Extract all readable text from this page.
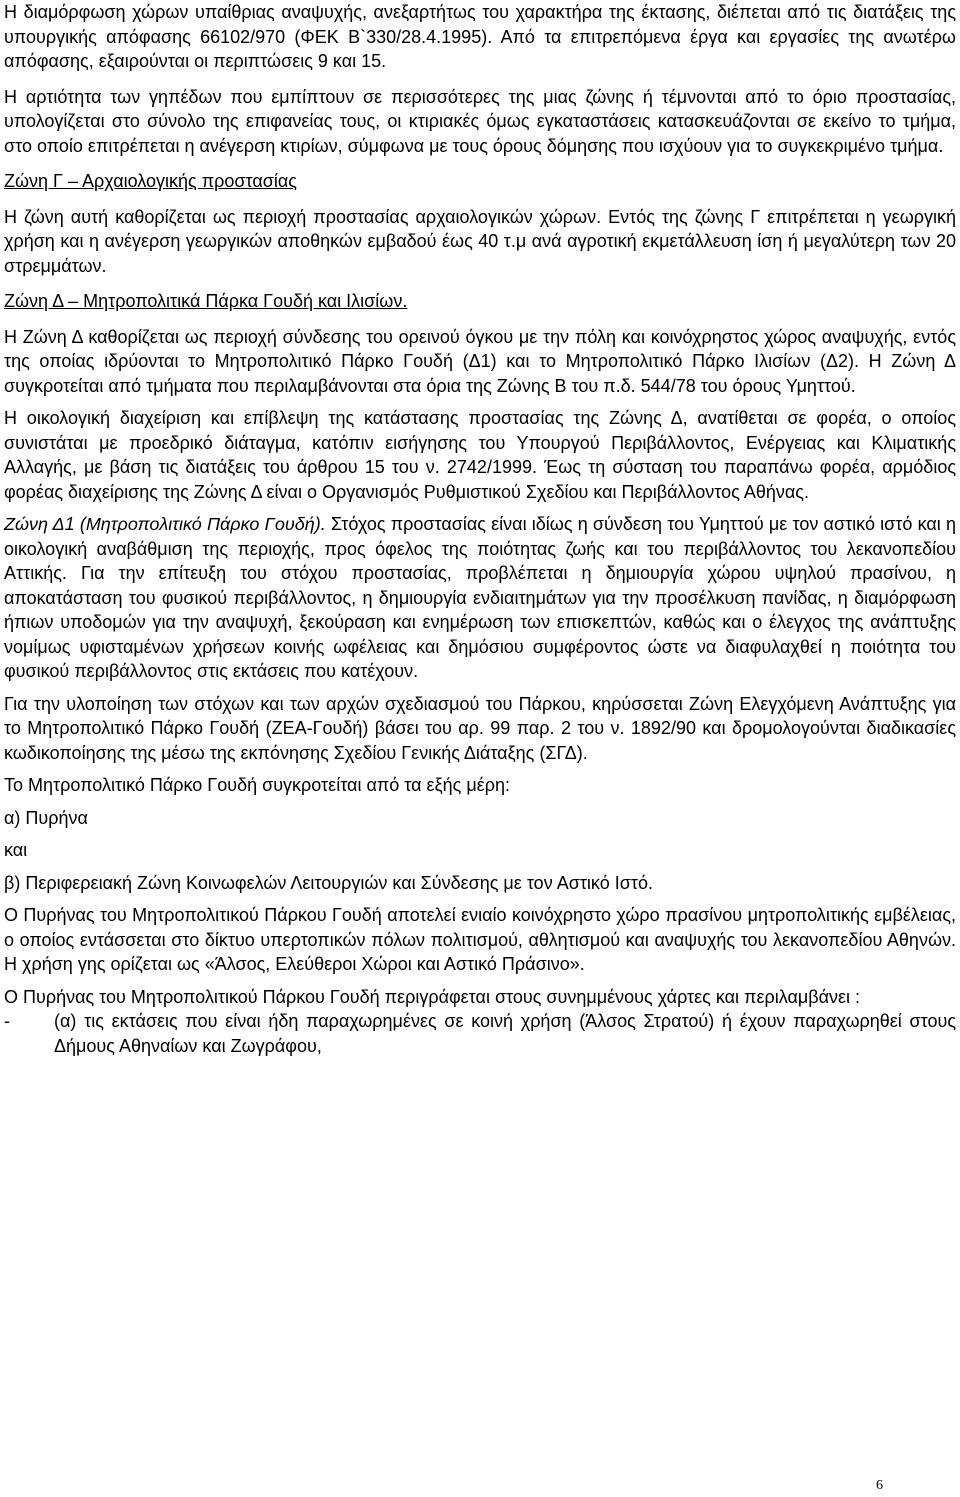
Η διαμόρφωση χώρων υπαίθριας αναψυχής, ανεξαρτήτως του χαρακτήρα της έκτασης, διέπεται από τις διατάξεις της υπουργικής απόφασης 66102/970 (ΦΕΚ Β`330/28.4.1995). Από τα επιτρεπόμενα έργα και εργασίες της ανωτέρω απόφασης, εξαιρούνται οι περιπτώσεις 9 και 15.

Η αρτιότητα των γηπέδων που εμπίπτουν σε περισσότερες της μιας ζώνης ή τέμνονται από το όριο προστασίας, υπολογίζεται στο σύνολο της επιφανείας τους, οι κτιριακές όμως εγκαταστάσεις κατασκευάζονται σε εκείνο το τμήμα, στο οποίο επιτρέπεται η ανέγερση κτιρίων, σύμφωνα με τους όρους δόμησης που ισχύουν για το συγκεκριμένο τμήμα.

Ζώνη Γ – Αρχαιολογικής προστασίας

Η ζώνη αυτή καθορίζεται ως περιοχή προστασίας αρχαιολογικών χώρων. Εντός της ζώνης Γ επιτρέπεται η γεωργική χρήση και η ανέγερση γεωργικών αποθηκών εμβαδού έως 40 τ.μ ανά αγροτική εκμετάλλευση ίση ή μεγαλύτερη των 20 στρεμμάτων.

Ζώνη Δ – Μητροπολιτικά Πάρκα Γουδή και Ιλισίων.

Η Ζώνη Δ καθορίζεται ως περιοχή σύνδεσης του ορεινού όγκου με την πόλη και κοινόχρηστος χώρος αναψυχής, εντός της οποίας ιδρύονται το Μητροπολιτικό Πάρκο Γουδή (Δ1) και το Μητροπολιτικό Πάρκο Ιλισίων (Δ2). Η Ζώνη Δ συγκροτείται από τμήματα που περιλαμβάνονται στα όρια της Ζώνης Β του π.δ. 544/78 του όρους Υμηττού.

Η οικολογική διαχείριση και επίβλεψη της κατάστασης προστασίας της Ζώνης Δ, ανατίθεται σε φορέα, ο οποίος συνιστάται με προεδρικό διάταγμα, κατόπιν εισήγησης του Υπουργού Περιβάλλοντος, Ενέργειας και Κλιματικής Αλλαγής, με βάση τις διατάξεις του άρθρου 15 του ν. 2742/1999. Έως τη σύσταση του παραπάνω φορέα, αρμόδιος φορέας διαχείρισης της Ζώνης Δ είναι ο Οργανισμός Ρυθμιστικού Σχεδίου και Περιβάλλοντος Αθήνας.

Ζώνη Δ1 (Μητροπολιτικό Πάρκο Γουδή). Στόχος προστασίας είναι ιδίως η σύνδεση του Υμηττού με τον αστικό ιστό και η οικολογική αναβάθμιση της περιοχής, προς όφελος της ποιότητας ζωής και του περιβάλλοντος του λεκανοπεδίου Αττικής. Για την επίτευξη του στόχου προστασίας, προβλέπεται η δημιουργία χώρου υψηλού πρασίνου, η αποκατάσταση του φυσικού περιβάλλοντος, η δημιουργία ενδιαιτημάτων για την προσέλκυση πανίδας, η διαμόρφωση ήπιων υποδομών για την αναψυχή, ξεκούραση και ενημέρωση των επισκεπτών, καθώς και ο έλεγχος της ανάπτυξης νομίμως υφισταμένων χρήσεων κοινής ωφέλειας και δημόσιου συμφέροντος ώστε να διαφυλαχθεί η ποιότητα του φυσικού περιβάλλοντος στις εκτάσεις που κατέχουν.

Για την υλοποίηση των στόχων και των αρχών σχεδιασμού του Πάρκου, κηρύσσεται Ζώνη Ελεγχόμενη Ανάπτυξης για το Μητροπολιτικό Πάρκο Γουδή (ΖΕΑ-Γουδή) βάσει του αρ. 99 παρ. 2 του ν. 1892/90 και δρομολογούνται διαδικασίες κωδικοποίησης της μέσω της εκπόνησης Σχεδίου Γενικής Διάταξης (ΣΓΔ).

Το Μητροπολιτικό Πάρκο Γουδή συγκροτείται από τα εξής μέρη:

α) Πυρήνα

και

β) Περιφερειακή Ζώνη Κοινωφελών Λειτουργιών και Σύνδεσης με τον Αστικό Ιστό.

Ο Πυρήνας του Μητροπολιτικού Πάρκου Γουδή αποτελεί ενιαίο κοινόχρηστο χώρο πρασίνου μητροπολιτικής εμβέλειας, ο οποίος εντάσσεται στο δίκτυο υπερτοπικών πόλων πολιτισμού, αθλητισμού και αναψυχής του λεκανοπεδίου Αθηνών. Η χρήση γης ορίζεται ως «Άλσος, Ελεύθεροι Χώροι και Αστικό Πράσινο».

Ο Πυρήνας του Μητροπολιτικού Πάρκου Γουδή περιγράφεται στους συνημμένους χάρτες και περιλαμβάνει :

-	(α) τις εκτάσεις που είναι ήδη παραχωρημένες σε κοινή χρήση (Άλσος Στρατού) ή έχουν παραχωρηθεί στους Δήμους Αθηναίων και Ζωγράφου,

6
